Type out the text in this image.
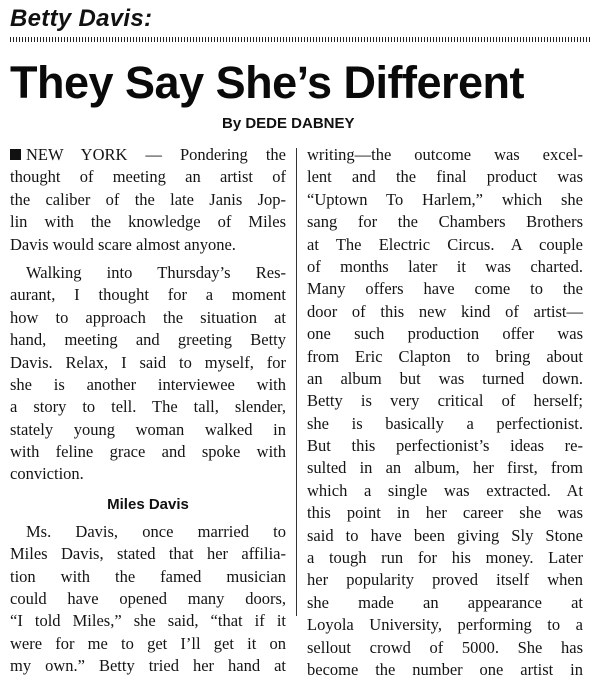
Betty Davis:
They Say She’s Different
By DEDE DABNEY
NEW YORK — Pondering the
thought of meeting an artist of
the caliber of the late Janis Jop-
lin with the knowledge of Miles
Davis would scare almost anyone.
Walking into Thursday’s Res-
aurant, I thought for a moment
how to approach the situation at
hand, meeting and greeting Betty
Davis. Relax, I said to myself, for
she is another interviewee with
a story to tell. The tall, slender,
stately young woman walked in
with feline grace and spoke with
conviction.
Miles Davis
Ms. Davis, once married to
Miles Davis, stated that her affilia-
tion with the famed musician
could have opened many doors,
“I told Miles,” she said, “that if it
were for me to get I’ll get it on
my own.” Betty tried her hand at
writing—the outcome was excel-
lent and the final product was
“Uptown To Harlem,” which she
sang for the Chambers Brothers
at The Electric Circus. A couple
of months later it was charted.
Many offers have come to the
door of this new kind of artist—
one such production offer was
from Eric Clapton to bring about
an album but was turned down.
Betty is very critical of herself;
she is basically a perfectionist.
But this perfectionist’s ideas re-
sulted in an album, her first, from
which a single was extracted. At
this point in her career she was
said to have been giving Sly Stone
a tough run for his money. Later
her popularity proved itself when
she made an appearance at
Loyola University, performing to a
sellout crowd of 5000. She has
become the number one artist in
